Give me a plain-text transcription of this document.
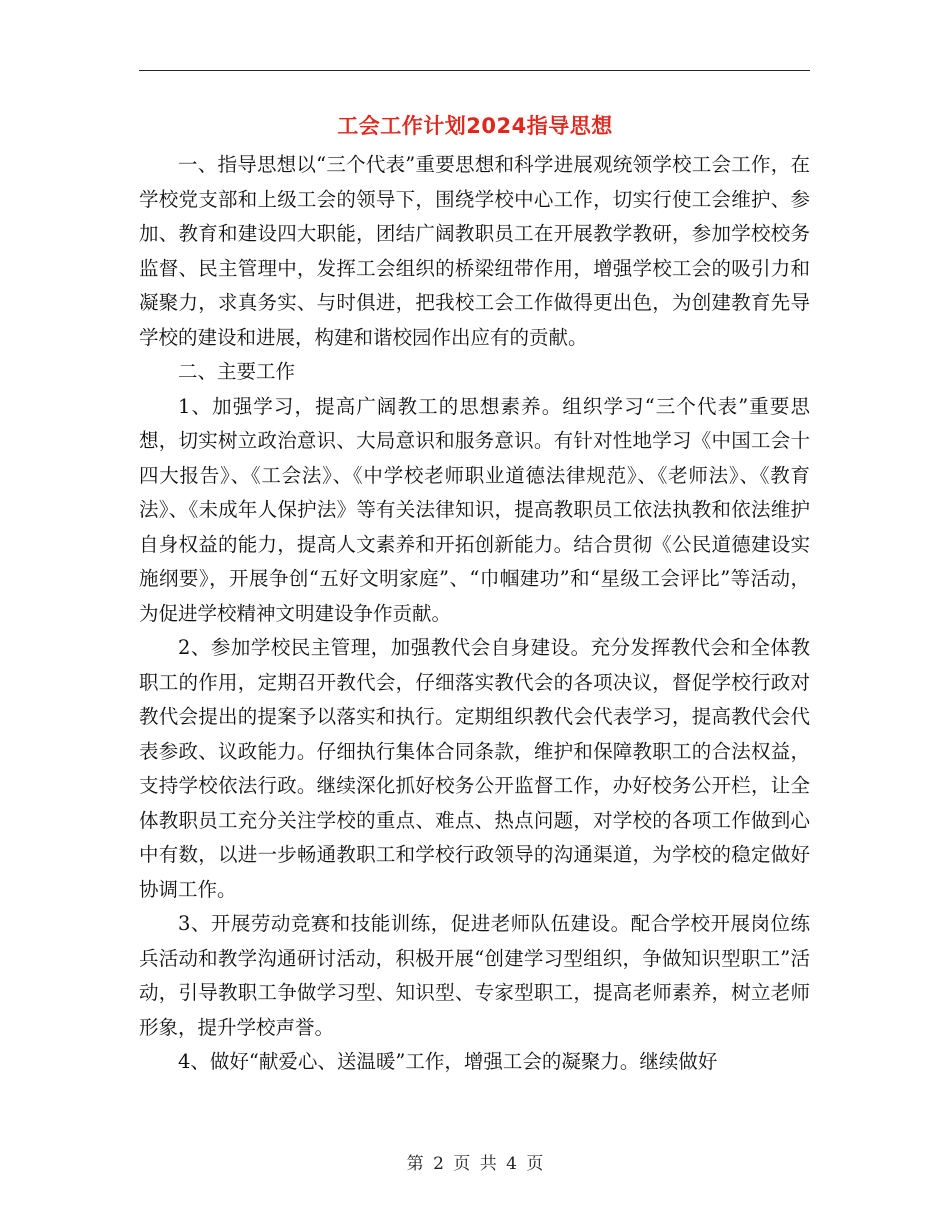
工会工作计划2024指导思想

一、指导思想以“三个代表”重要思想和科学进展观统领学校工会工作，在学校党支部和上级工会的领导下，围绕学校中心工作，切实行使工会维护、参加、教育和建设四大职能，团结广阔教职员工在开展教学教研，参加学校校务监督、民主管理中，发挥工会组织的桥梁纽带作用，增强学校工会的吸引力和凝聚力，求真务实、与时俱进，把我校工会工作做得更出色，为创建教育先导学校的建设和进展，构建和谐校园作出应有的贡献。

二、主要工作

1、加强学习，提高广阔教工的思想素养。组织学习“三个代表”重要思想，切实树立政治意识、大局意识和服务意识。有针对性地学习《中国工会十四大报告》、《工会法》、《中学校老师职业道德法律规范》、《老师法》、《教育法》、《未成年人保护法》等有关法律知识，提高教职员工依法执教和依法维护自身权益的能力，提高人文素养和开拓创新能力。结合贯彻《公民道德建设实施纲要》，开展争创“五好文明家庭”、“巾帼建功”和“星级工会评比”等活动，为促进学校精神文明建设争作贡献。

2、参加学校民主管理，加强教代会自身建设。充分发挥教代会和全体教职工的作用，定期召开教代会，仔细落实教代会的各项决议，督促学校行政对教代会提出的提案予以落实和执行。定期组织教代会代表学习，提高教代会代表参政、议政能力。仔细执行集体合同条款，维护和保障教职工的合法权益，支持学校依法行政。继续深化抓好校务公开监督工作，办好校务公开栏，让全体教职员工充分关注学校的重点、难点、热点问题，对学校的各项工作做到心中有数，以进一步畅通教职工和学校行政领导的沟通渠道，为学校的稳定做好协调工作。

3、开展劳动竞赛和技能训练，促进老师队伍建设。配合学校开展岗位练兵活动和教学沟通研讨活动，积极开展“创建学习型组织，争做知识型职工”活动，引导教职工争做学习型、知识型、专家型职工，提高老师素养，树立老师形象，提升学校声誉。

4、做好“献爱心、送温暖”工作，增强工会的凝聚力。继续做好

第 2 页 共 4 页
